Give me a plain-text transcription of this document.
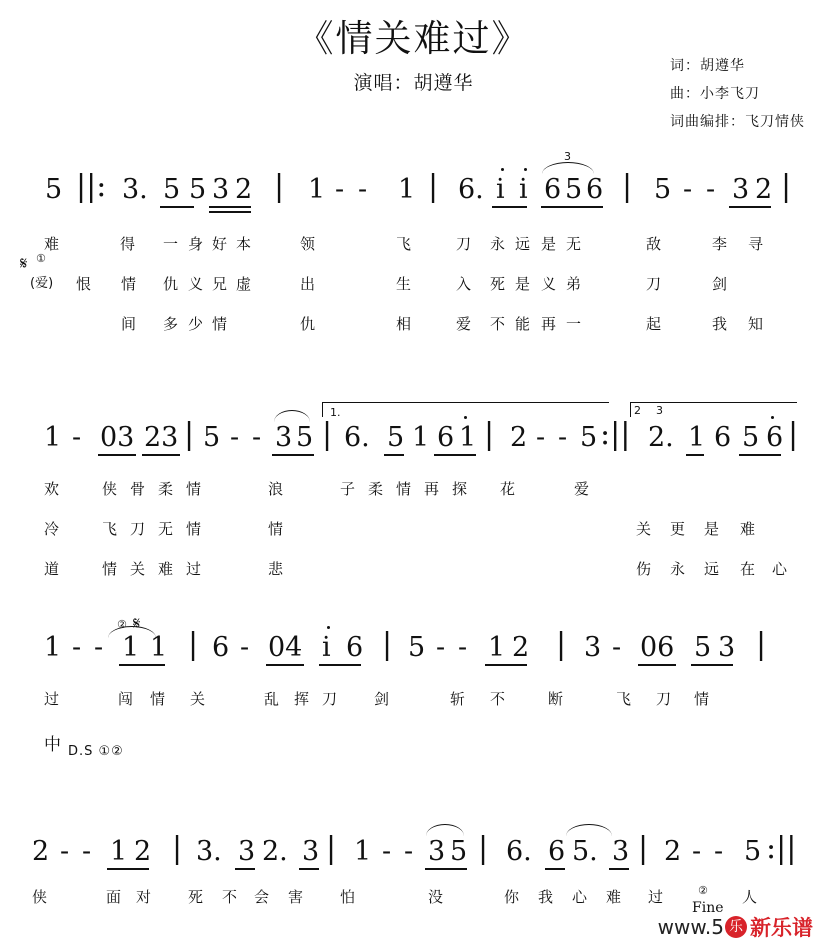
《情关难过》
演唱：胡遵华
词：胡遵华
曲：小李飞刀
词曲编排：飞刀情侠
5 ||: 3. 5 5 3 2 | 1 - - 1 | 6. i i
3
6 5 6 | 5 - - 3 2 |
𝄋 ①
难	得 一 身 好 本	领	飞	刀 永 远 是 无	敌	李 寻
(爱) 恨 情 仇 义 兄 虚	出	生	入 死 是 义 弟	刀	剑
间 多 少 情	仇	相	爱 不 能 再 一	起	我 知
1 - 03 23 | 5 - - 3 5 |
1.
6. 5 1 6 1 | 2 - - 5 :||
2 3
2. 1 6 5 6 |
欢	侠 骨 柔 情	浪	子 柔 情 再 探 花	爱
冷	飞 刀 无 情	情	关 更 是 难
道	情 关 难 过	悲	伤 永 远 在 心
② 𝄋
1 - - 1 1 | 6 - 04 i 6 | 5 - - 1 2 | 3 - 06 5 3 |
过	闯 情 关	乱 挥 刀 剑	斩 不	断	飞 刀 情
中 D.S ①②
2 - - 1 2 | 3. 3 2. 3 | 1 - - 3 5 | 6. 6 5. 3 | 2 - - 5 :||
侠	面 对 死 不 会 害 怕	没	你 我 心 难 过	人
②
Fine
www.5 乐 新乐谱
